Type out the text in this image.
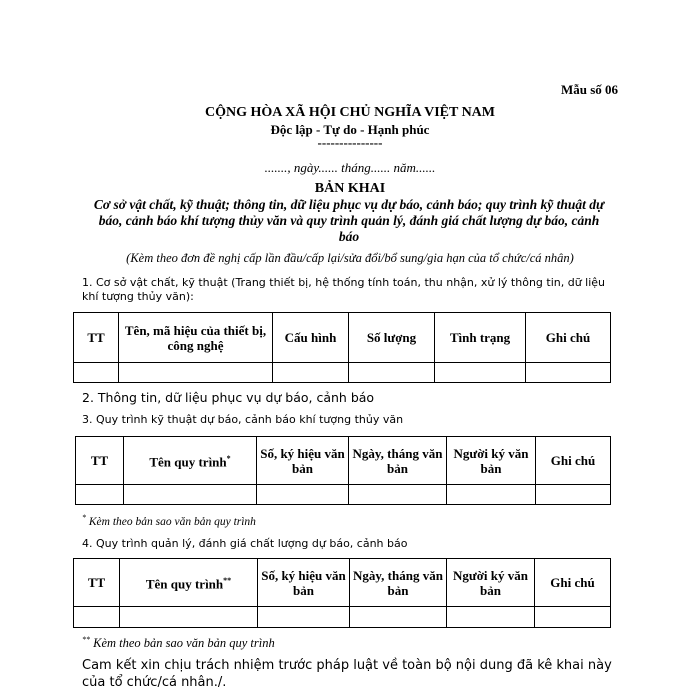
Mẫu số 06
CỘNG HÒA XÃ HỘI CHỦ NGHĨA VIỆT NAM
Độc lập - Tự do - Hạnh phúc
---------------
......., ngày...... tháng...... năm......
BẢN KHAI
Cơ sở vật chất, kỹ thuật; thông tin, dữ liệu phục vụ dự báo, cảnh báo; quy trình kỹ thuật dự báo, cảnh báo khí tượng thủy văn và quy trình quản lý, đánh giá chất lượng dự báo, cảnh báo
(Kèm theo đơn đề nghị cấp lần đầu/cấp lại/sửa đổi/bổ sung/gia hạn của tổ chức/cá nhân)
1. Cơ sở vật chất, kỹ thuật (Trang thiết bị, hệ thống tính toán, thu nhận, xử lý thông tin, dữ liệu khí tượng thủy văn):
TT	Tên, mã hiệu của thiết bị, công nghệ	Cấu hình	Số lượng	Tình trạng	Ghi chú

2. Thông tin, dữ liệu phục vụ dự báo, cảnh báo
3. Quy trình kỹ thuật dự báo, cảnh báo khí tượng thủy văn
TT	Tên quy trình*	Số, ký hiệu văn bản	Ngày, tháng văn bản	Người ký văn bản	Ghi chú

* Kèm theo bản sao văn bản quy trình
4. Quy trình quản lý, đánh giá chất lượng dự báo, cảnh báo
TT	Tên quy trình**	Số, ký hiệu văn bản	Ngày, tháng văn bản	Người ký văn bản	Ghi chú

** Kèm theo bản sao văn bản quy trình
Cam kết xin chịu trách nhiệm trước pháp luật về toàn bộ nội dung đã kê khai này của tổ chức/cá nhân./.
